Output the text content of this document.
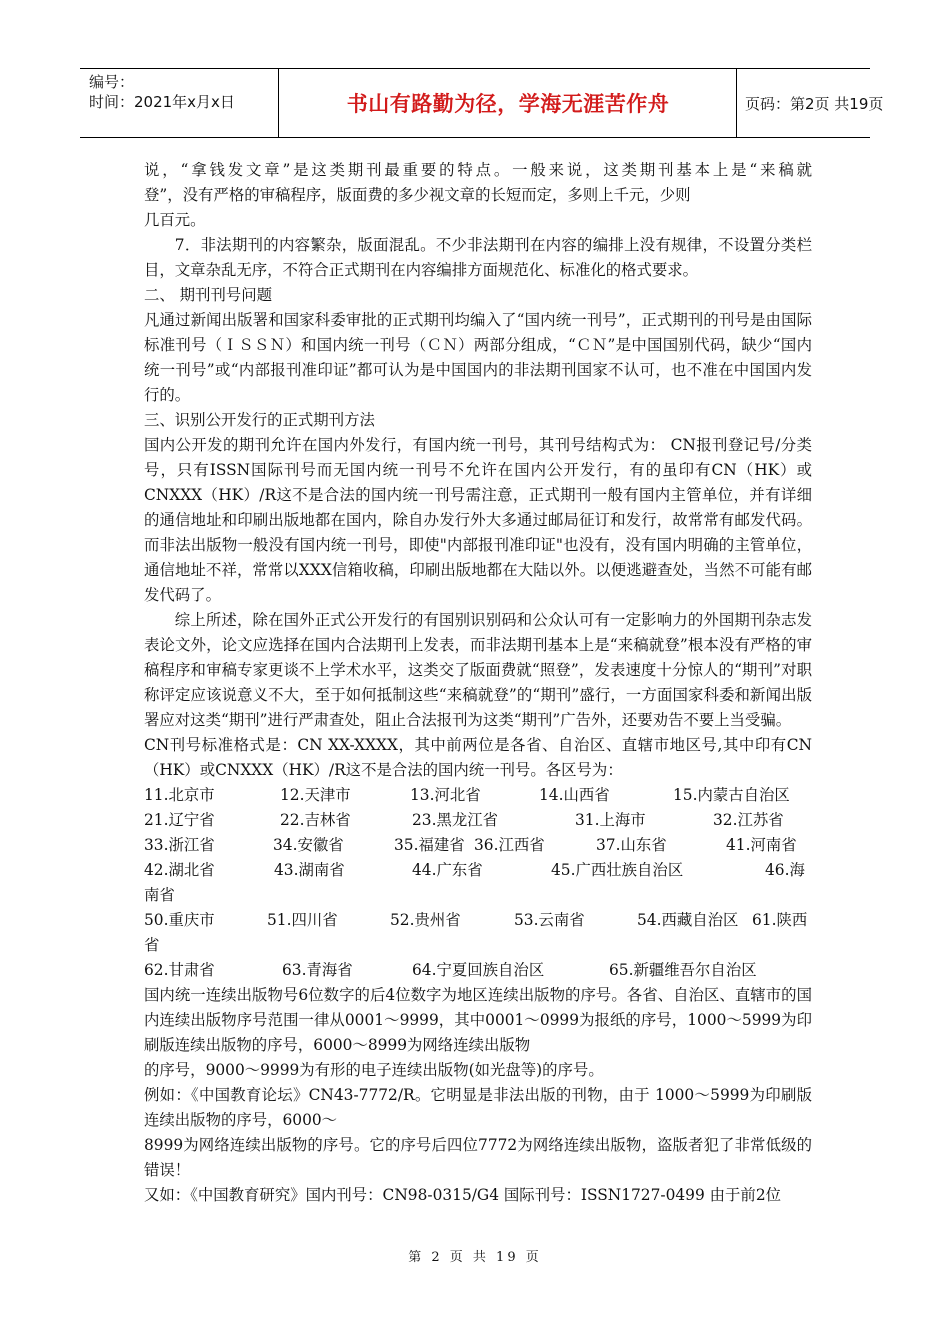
编号：
时间：2021年x月x日	书山有路勤为径，学海无涯苦作舟	页码：第2页 共19页

说，“拿钱发文章”是这类期刊最重要的特点。一般来说，这类期刊基本上是“来稿就

登”，没有严格的审稿程序，版面费的多少视文章的长短而定，多则上千元，少则

几百元。

7．非法期刊的内容繁杂，版面混乱。不少非法期刊在内容的编排上没有规律，不设置分类栏目，文章杂乱无序，不符合正式期刊在内容编排方面规范化、标准化的格式要求。

二、 期刊刊号问题

凡通过新闻出版署和国家科委审批的正式期刊均编入了“国内统一刊号”，正式期刊的刊号是由国际标准刊号（ＩＳＳＮ）和国内统一刊号（ＣＮ）两部分组成，“ＣＮ”是中国国别代码，缺少“国内统一刊号”或“内部报刊准印证”都可认为是中国国内的非法期刊国家不认可，也不准在中国国内发行的。

三、识别公开发行的正式期刊方法

国内公开发的期刊允许在国内外发行，有国内统一刊号，其刊号结构式为： CN报刊登记号/分类号，只有ISSN国际刊号而无国内统一刊号不允许在国内公开发行，有的虽印有CN（HK）或CNXXX（HK）/R这不是合法的国内统一刊号需注意，正式期刊一般有国内主管单位，并有详细的通信地址和印刷出版地都在国内，除自办发行外大多通过邮局征订和发行，故常常有邮发代码。而非法出版物一般没有国内统一刊号，即使"内部报刊准印证"也没有，没有国内明确的主管单位，通信地址不祥，常常以XXX信箱收稿，印刷出版地都在大陆以外。以便逃避查处，当然不可能有邮发代码了。

综上所述，除在国外正式公开发行的有国别识别码和公众认可有一定影响力的外国期刊杂志发表论文外，论文应选择在国内合法期刊上发表，而非法期刊基本上是“来稿就登”根本没有严格的审稿程序和审稿专家更谈不上学术水平，这类交了版面费就“照登”，发表速度十分惊人的“期刊”对职称评定应该说意义不大，至于如何抵制这些“来稿就登”的“期刊”盛行，一方面国家科委和新闻出版署应对这类“期刊”进行严肃查处，阻止合法报刊为这类“期刊”广告外，还要劝告不要上当受骗。

CN刊号标准格式是：CN XX-XXXX，其中前两位是各省、自治区、直辖市地区号,其中印有CN（HK）或CNXXX（HK）/R这不是合法的国内统一刊号。各区号为：

11.北京市	12.天津市	13.河北省	14.山西省	15.内蒙古自治区
21.辽宁省	22.吉林省	23.黑龙江省	31.上海市	32.江苏省
33.浙江省	34.安徽省	35.福建省 36.江西省	37.山东省	41.河南省
42.湖北省	43.湖南省	44.广东省	45.广西壮族自治区	46.海
南省
50.重庆市	51.四川省	52.贵州省	53.云南省	54.西藏自治区 61.陕西
省
62.甘肃省	63.青海省	64.宁夏回族自治区	65.新疆维吾尔自治区

国内统一连续出版物号6位数字的后4位数字为地区连续出版物的序号。各省、自治区、直辖市的国内连续出版物序号范围一律从0001～9999，其中0001～0999为报纸的序号，1000～5999为印刷版连续出版物的序号，6000～8999为网络连续出版物

的序号，9000～9999为有形的电子连续出版物(如光盘等)的序号。

例如：《中国教育论坛》CN43-7772/R。它明显是非法出版的刊物，由于 1000～5999为印刷版连续出版物的序号，6000～

8999为网络连续出版物的序号。它的序号后四位7772为网络连续出版物，盗版者犯了非常低级的错误！

又如：《中国教育研究》国内刊号：CN98-0315/G4 国际刊号：ISSN1727-0499 由于前2位

第 2 页 共 19 页
